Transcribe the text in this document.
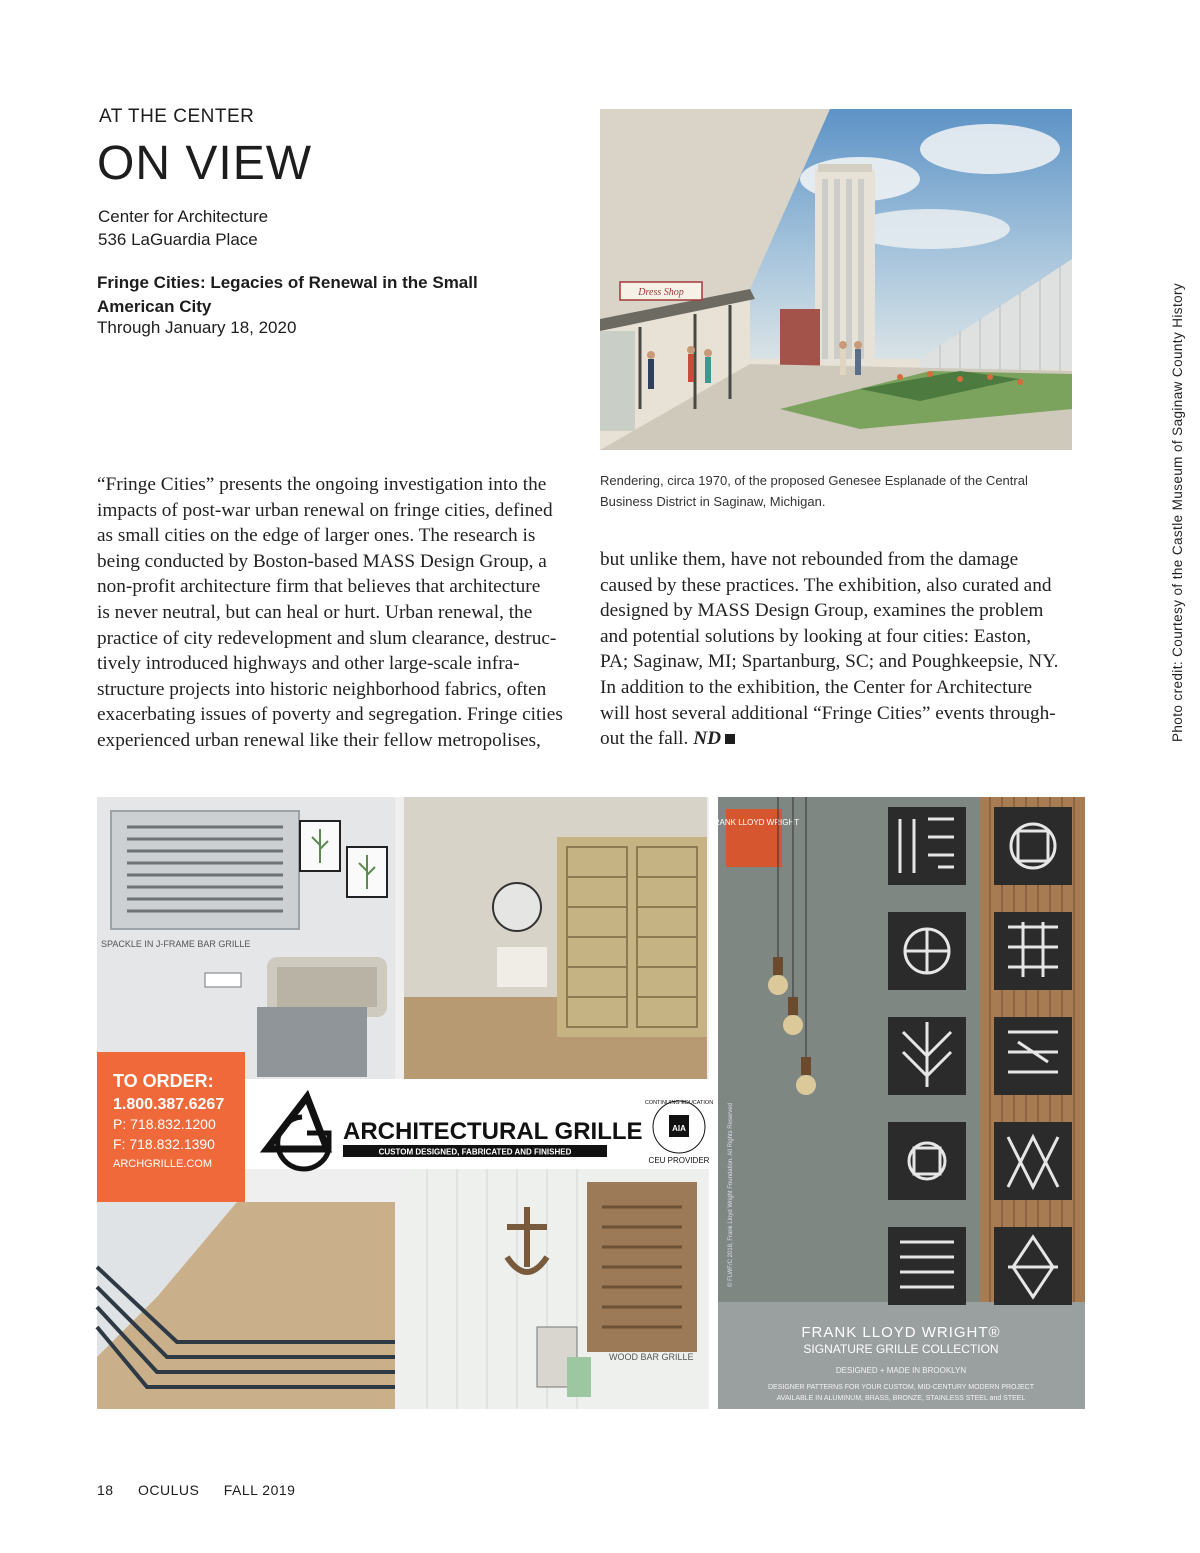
AT THE CENTER
ON VIEW
Center for Architecture
536 LaGuardia Place
Fringe Cities: Legacies of Renewal in the Small American City
Through January 18, 2020
Dress Shop
Rendering, circa 1970, of the proposed Genesee Esplanade of the Central Business District in Saginaw, Michigan.	Photo credit: Courtesy of the Castle Museum of Saginaw County History
“Fringe Cities” presents the ongoing investigation into the
impacts of post-war urban renewal on fringe cities, defined
as small cities on the edge of larger ones. The research is
being conducted by Boston-based MASS Design Group, a
non-profit architecture firm that believes that architecture
is never neutral, but can heal or hurt. Urban renewal, the
practice of city redevelopment and slum clearance, destruc-
tively introduced highways and other large-scale infra-
structure projects into historic neighborhood fabrics, often
exacerbating issues of poverty and segregation. Fringe cities
experienced urban renewal like their fellow metropolises,
but unlike them, have not rebounded from the damage
caused by these practices. The exhibition, also curated and
designed by MASS Design Group, examines the problem
and potential solutions by looking at four cities: Easton,
PA; Saginaw, MI; Spartanburg, SC; and Poughkeepsie, NY.
In addition to the exhibition, the Center for Architecture
will host several additional “Fringe Cities” events through-
out the fall. ND
SPACKLE IN J-FRAME BAR GRILLE
TO ORDER:
1.800.387.6267
P: 718.832.1200
F: 718.832.1390
ARCHGRILLE.COM
ARCHITECTURAL GRILLE
CUSTOM DESIGNED, FABRICATED AND FINISHED
CONTINUING EDUCATION
AIA
CEU PROVIDER
WOOD BAR GRILLE
FRANK LLOYD WRIGHT
© FLWF/C 2018, Frank Lloyd Wright Foundation. All Rights Reserved
FRANK LLOYD WRIGHT®
SIGNATURE GRILLE COLLECTION
DESIGNED + MADE IN BROOKLYN
DESIGNER PATTERNS FOR YOUR CUSTOM, MID-CENTURY MODERN PROJECT
AVAILABLE IN ALUMINUM, BRASS, BRONZE, STAINLESS STEEL and STEEL
18 OCULUS FALL 2019
